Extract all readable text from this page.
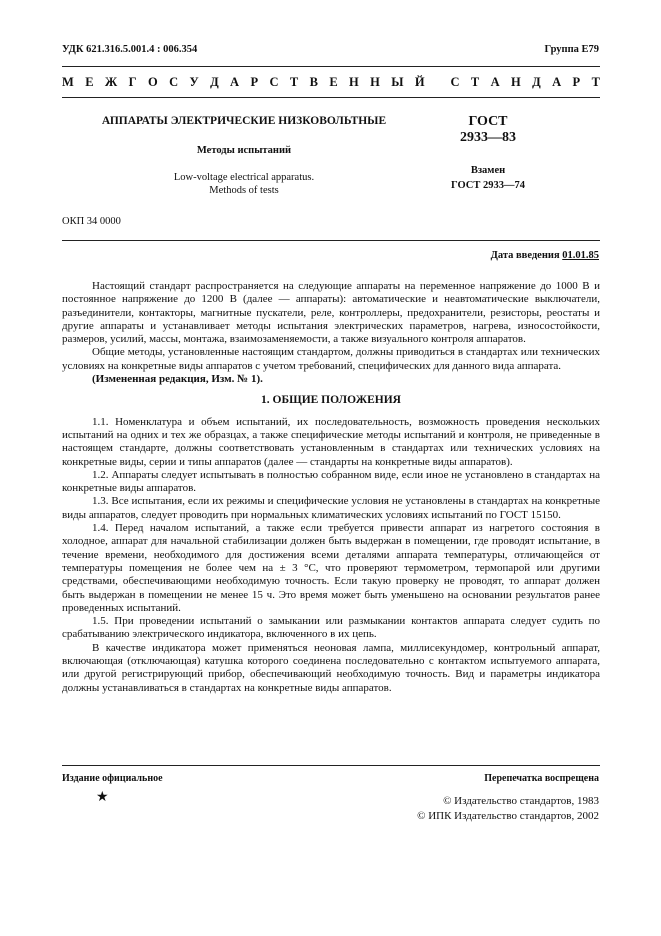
УДК 621.316.5.001.4 : 006.354	Группа Е79
М Е Ж Г О С У Д А Р С Т В Е Н Н Ы Й
С Т А Н Д А Р Т
АППАРАТЫ ЭЛЕКТРИЧЕСКИЕ НИЗКОВОЛЬТНЫЕ
Методы испытаний
Low-voltage electrical apparatus.
Methods of tests
ГОСТ
2933—83
Взамен
ГОСТ 2933—74
ОКП 34 0000
Дата введения 01.01.85

Настоящий стандарт распространяется на следующие аппараты на переменное напряжение до 1000 В и постоянное напряжение до 1200 В (далее — аппараты): автоматические и неавтоматические выключатели, разъединители, контакторы, магнитные пускатели, реле, контроллеры, предохранители, резисторы, реостаты и другие аппараты и устанавливает методы испытания электрических параметров, нагрева, износостойкости, размеров, усилий, массы, монтажа, взаимозаменяемости, а также визуального контроля аппаратов.

Общие методы, установленные настоящим стандартом, должны приводиться в стандартах или технических условиях на конкретные виды аппаратов с учетом требований, специфических для данного вида аппарата.

(Измененная редакция, Изм. № 1).

1. ОБЩИЕ ПОЛОЖЕНИЯ

1.1. Номенклатура и объем испытаний, их последовательность, возможность проведения нескольких испытаний на одних и тех же образцах, а также специфические методы испытаний и контроля, не приведенные в настоящем стандарте, должны соответствовать установленным в стандартах или технических условиях на конкретные виды, серии и типы аппаратов (далее — стандарты на конкретные виды аппаратов).

1.2. Аппараты следует испытывать в полностью собранном виде, если иное не установлено в стандартах на конкретные виды аппаратов.

1.3. Все испытания, если их режимы и специфические условия не установлены в стандартах на конкретные виды аппаратов, следует проводить при нормальных климатических условиях испытаний по ГОСТ 15150.

1.4. Перед началом испытаний, а также если требуется привести аппарат из нагретого состояния в холодное, аппарат для начальной стабилизации должен быть выдержан в помещении, где проводят испытание, в течение времени, необходимого для достижения всеми деталями аппарата температуры, отличающейся от температуры помещения не более чем на ± 3 °С, что проверяют термометром, термопарой или другими средствами, обеспечивающими необходимую точность. Если такую проверку не проводят, то аппарат должен быть выдержан в помещении не менее 15 ч. Это время может быть уменьшено на основании результатов ранее проведенных испытаний.

1.5. При проведении испытаний о замыкании или размыкании контактов аппарата следует судить по срабатыванию электрического индикатора, включенного в их цепь.

В качестве индикатора может применяться неоновая лампа, миллисекундомер, контрольный аппарат, включающая (отключающая) катушка которого соединена последовательно с контактом испытуемого аппарата, или другой регистрирующий прибор, обеспечивающий необходимую точность. Вид и параметры индикатора должны устанавливаться в стандартах на конкретные виды аппаратов.

Издание официальное	Перепечатка воспрещена
★	© Издательство стандартов, 1983
© ИПК Издательство стандартов, 2002
